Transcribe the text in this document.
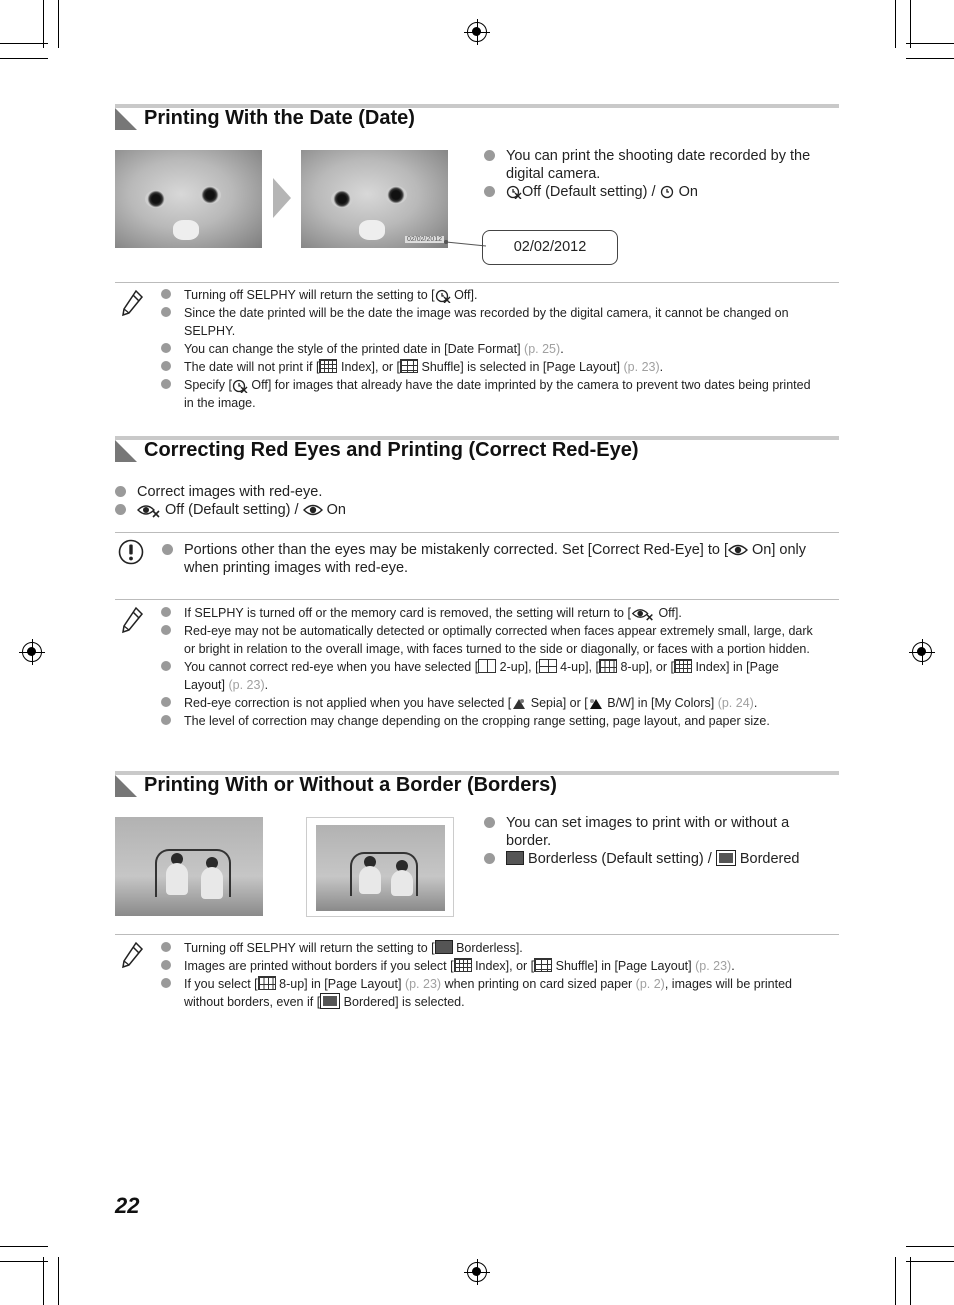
Printing With the Date (Date)
02/02/2012	02/02/2012
You can print the shooting date recorded by the digital camera.
Off (Default setting) /  On
Turning off SELPHY will return the setting to [ Off].
Since the date printed will be the date the image was recorded by the digital camera, it cannot be changed on SELPHY.
You can change the style of the printed date in [Date Format] (p. 25).
The date will not print if [ Index], or [ Shuffle] is selected in [Page Layout] (p. 23).
Specify [ Off] for images that already have the date imprinted by the camera to prevent two dates being printed in the image.
Correcting Red Eyes and Printing (Correct Red-Eye)
Correct images with red-eye.
Off (Default setting) /  On
Portions other than the eyes may be mistakenly corrected. Set [Correct Red-Eye] to [ On] only when printing images with red-eye.
If SELPHY is turned off or the memory card is removed, the setting will return to [ Off].
Red-eye may not be automatically detected or optimally corrected when faces appear extremely small, large, dark or bright in relation to the overall image, with faces turned to the side or diagonally, or faces with a portion hidden.
You cannot correct red-eye when you have selected [ 2-up], [ 4-up], [ 8-up], or [ Index] in [Page Layout] (p. 23).
Red-eye correction is not applied when you have selected [ Sepia] or [ B/W] in [My Colors] (p. 24).
The level of correction may change depending on the cropping range setting, page layout, and paper size.
Printing With or Without a Border (Borders)
You can set images to print with or without a border.
Borderless (Default setting) /  Bordered
Turning off SELPHY will return the setting to [ Borderless].
Images are printed without borders if you select [ Index], or [ Shuffle] in [Page Layout] (p. 23).
If you select [ 8-up] in [Page Layout] (p. 23) when printing on card sized paper (p. 2), images will be printed without borders, even if [ Bordered] is selected.
22
